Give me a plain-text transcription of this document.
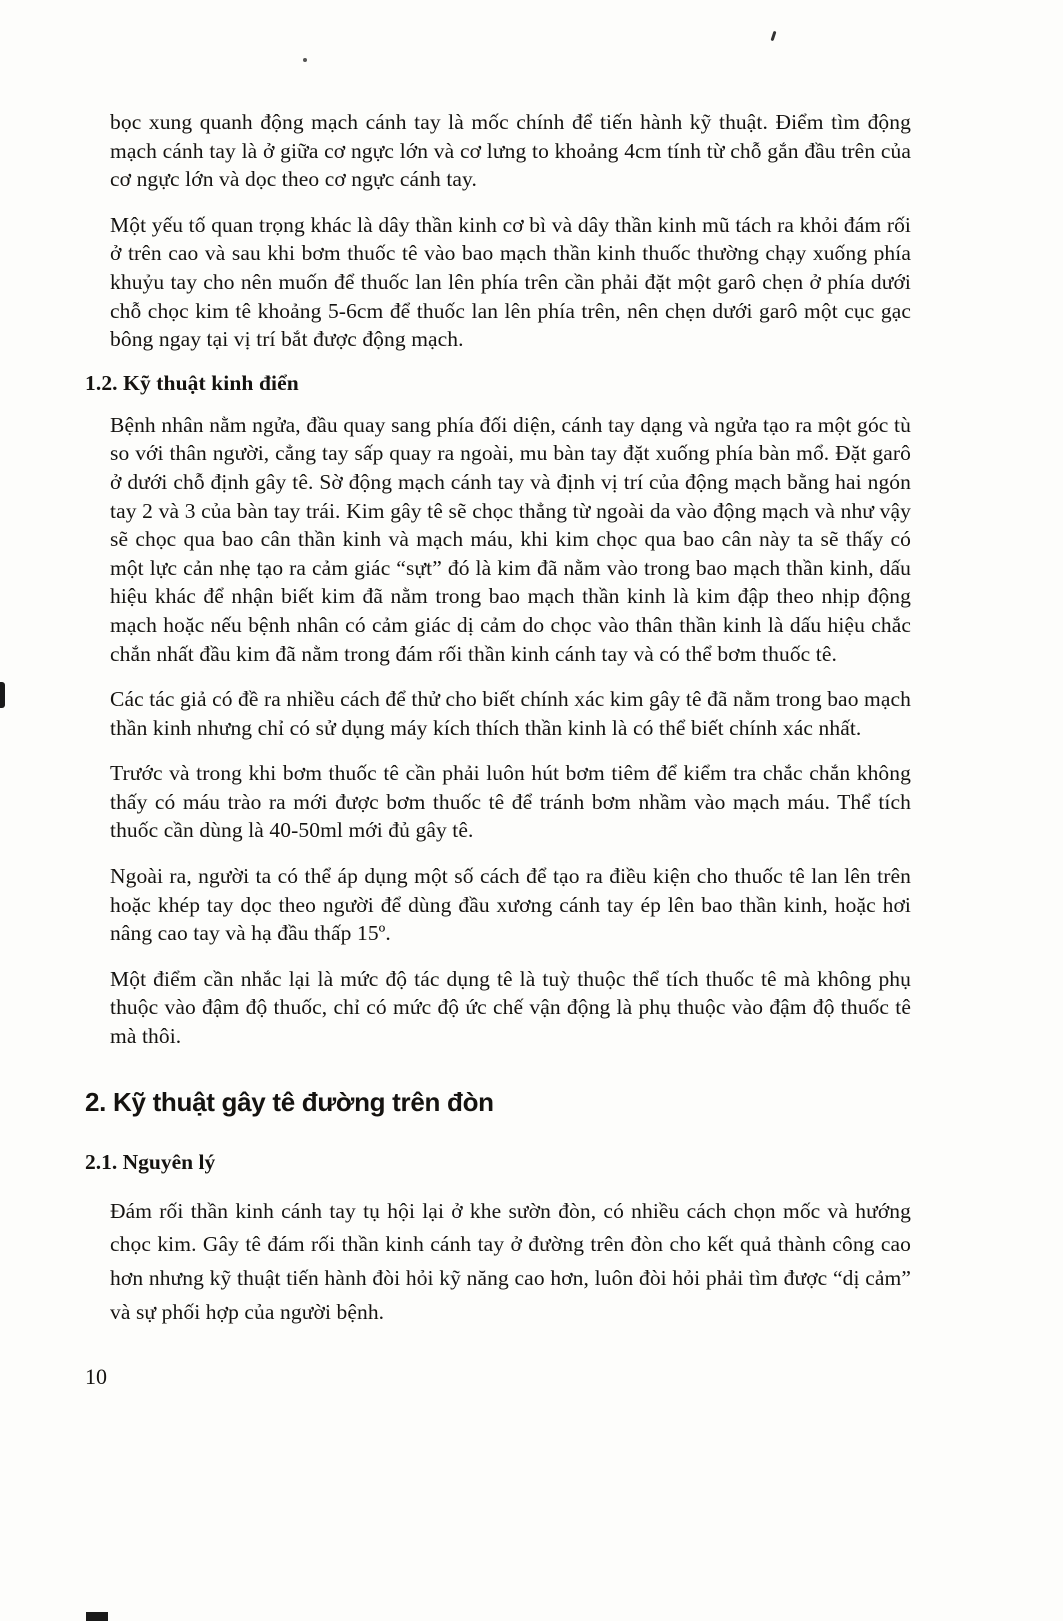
bọc xung quanh động mạch cánh tay là mốc chính để tiến hành kỹ thuật. Điểm tìm động mạch cánh tay là ở giữa cơ ngực lớn và cơ lưng to khoảng 4cm tính từ chỗ gắn đầu trên của cơ ngực lớn và dọc theo cơ ngực cánh tay.

Một yếu tố quan trọng khác là dây thần kinh cơ bì và dây thần kinh mũ tách ra khỏi đám rối ở trên cao và sau khi bơm thuốc tê vào bao mạch thần kinh thuốc thường chạy xuống phía khuỷu tay cho nên muốn để thuốc lan lên phía trên cần phải đặt một garô chẹn ở phía dưới chỗ chọc kim tê khoảng 5-6cm để thuốc lan lên phía trên, nên chẹn dưới garô một cục gạc bông ngay tại vị trí bắt được động mạch.

1.2. Kỹ thuật kinh điển

Bệnh nhân nằm ngửa, đầu quay sang phía đối diện, cánh tay dạng và ngửa tạo ra một góc tù so với thân người, cẳng tay sấp quay ra ngoài, mu bàn tay đặt xuống phía bàn mổ. Đặt garô ở dưới chỗ định gây tê. Sờ động mạch cánh tay và định vị trí của động mạch bằng hai ngón tay 2 và 3 của bàn tay trái. Kim gây tê sẽ chọc thẳng từ ngoài da vào động mạch và như vậy sẽ chọc qua bao cân thần kinh và mạch máu, khi kim chọc qua bao cân này ta sẽ thấy có một lực cản nhẹ tạo ra cảm giác “sựt” đó là kim đã nằm vào trong bao mạch thần kinh, dấu hiệu khác để nhận biết kim đã nằm trong bao mạch thần kinh là kim đập theo nhịp động mạch hoặc nếu bệnh nhân có cảm giác dị cảm do chọc vào thân thần kinh là dấu hiệu chắc chắn nhất đầu kim đã nằm trong đám rối thần kinh cánh tay và có thể bơm thuốc tê.

Các tác giả có đề ra nhiều cách để thử cho biết chính xác kim gây tê đã nằm trong bao mạch thần kinh nhưng chỉ có sử dụng máy kích thích thần kinh là có thể biết chính xác nhất.

Trước và trong khi bơm thuốc tê cần phải luôn hút bơm tiêm để kiểm tra chắc chắn không thấy có máu trào ra mới được bơm thuốc tê để tránh bơm nhầm vào mạch máu. Thể tích thuốc cần dùng là 40-50ml mới đủ gây tê.

Ngoài ra, người ta có thể áp dụng một số cách để tạo ra điều kiện cho thuốc tê lan lên trên hoặc khép tay dọc theo người để dùng đầu xương cánh tay ép lên bao thần kinh, hoặc hơi nâng cao tay và hạ đầu thấp 15º.

Một điểm cần nhắc lại là mức độ tác dụng tê là tuỳ thuộc thể tích thuốc tê mà không phụ thuộc vào đậm độ thuốc, chỉ có mức độ ức chế vận động là phụ thuộc vào đậm độ thuốc tê mà thôi.

2. Kỹ thuật gây tê đường trên đòn
2.1. Nguyên lý

Đám rối thần kinh cánh tay tụ hội lại ở khe sườn đòn, có nhiều cách chọn mốc và hướng chọc kim. Gây tê đám rối thần kinh cánh tay ở đường trên đòn cho kết quả thành công cao hơn nhưng kỹ thuật tiến hành đòi hỏi kỹ năng cao hơn, luôn đòi hỏi phải tìm được “dị cảm” và sự phối hợp của người bệnh.

10
